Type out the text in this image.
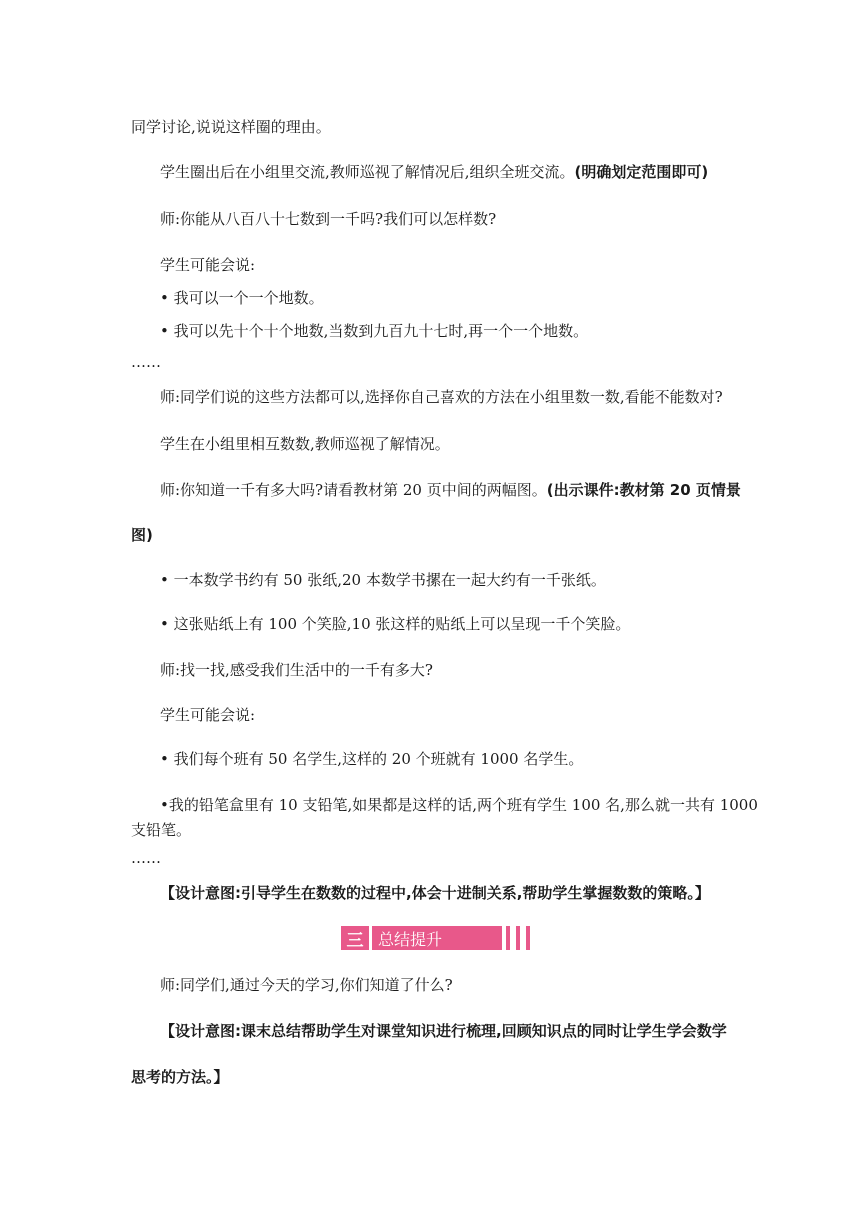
同学讨论,说说这样圈的理由。
学生圈出后在小组里交流,教师巡视了解情况后,组织全班交流。(明确划定范围即可)
师:你能从八百八十七数到一千吗?我们可以怎样数?
学生可能会说:
• 我可以一个一个地数。
• 我可以先十个十个地数,当数到九百九十七时,再一个一个地数。
……
师:同学们说的这些方法都可以,选择你自己喜欢的方法在小组里数一数,看能不能数对?
学生在小组里相互数数,教师巡视了解情况。
师:你知道一千有多大吗?请看教材第 20 页中间的两幅图。(出示课件:教材第 20 页情景
图)
• 一本数学书约有 50 张纸,20 本数学书摞在一起大约有一千张纸。
• 这张贴纸上有 100 个笑脸,10 张这样的贴纸上可以呈现一千个笑脸。
师:找一找,感受我们生活中的一千有多大?
学生可能会说:
• 我们每个班有 50 名学生,这样的 20 个班就有 1000 名学生。
•我的铅笔盒里有 10 支铅笔,如果都是这样的话,两个班有学生 100 名,那么就一共有 1000
支铅笔。
……
【设计意图:引导学生在数数的过程中,体会十进制关系,帮助学生掌握数数的策略。】
三 总结提升
师:同学们,通过今天的学习,你们知道了什么?
【设计意图:课末总结帮助学生对课堂知识进行梳理,回顾知识点的同时让学生学会数学
思考的方法。】
